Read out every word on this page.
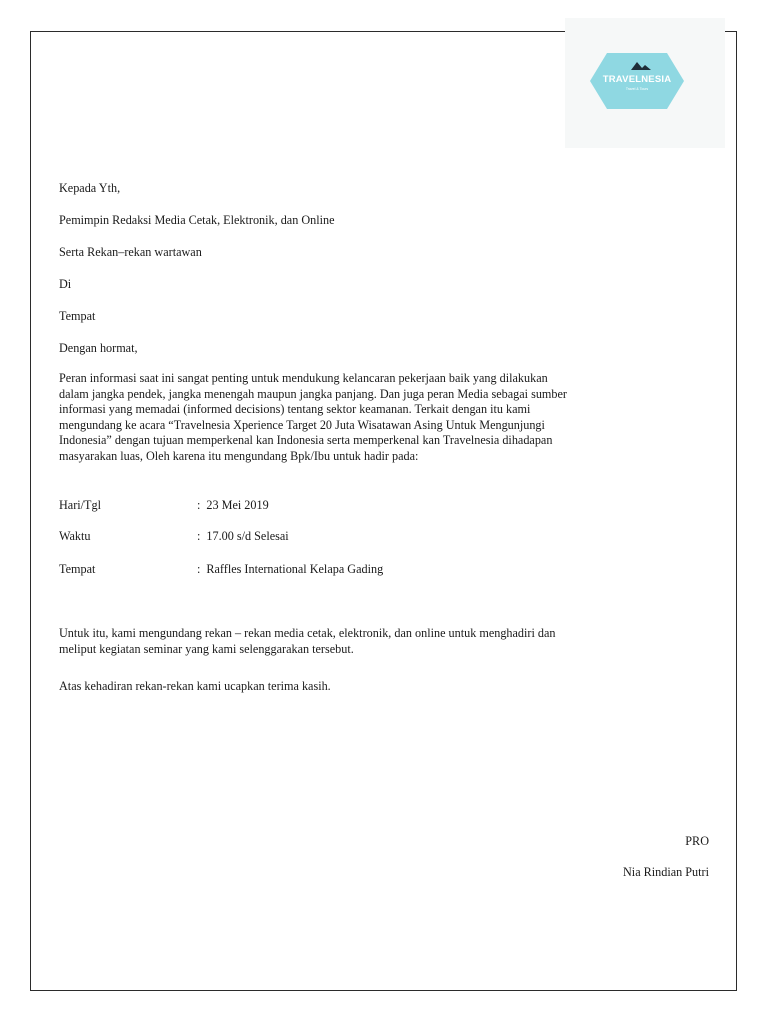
TRAVELNESIA
Travel & Tours
Kepada Yth,
Pemimpin Redaksi Media Cetak, Elektronik, dan Online
Serta Rekan–rekan wartawan
Di
Tempat
Dengan hormat,
Peran informasi saat ini sangat penting untuk mendukung kelancaran pekerjaan baik yang dilakukan
dalam jangka pendek, jangka menengah maupun jangka panjang. Dan juga peran Media sebagai sumber
informasi yang memadai (informed decisions) tentang sektor keamanan. Terkait dengan itu kami
mengundang ke acara “Travelnesia Xperience Target 20 Juta Wisatawan Asing Untuk Mengunjungi
Indonesia” dengan tujuan memperkenal kan Indonesia serta memperkenal kan Travelnesia dihadapan
masyarakan luas, Oleh karena itu mengundang Bpk/Ibu untuk hadir pada:
Hari/Tgl	: 23 Mei 2019
Waktu	: 17.00 s/d Selesai
Tempat	: Raffles International Kelapa Gading
Untuk itu, kami mengundang rekan – rekan media cetak, elektronik, dan online untuk menghadiri dan
meliput kegiatan seminar yang kami selenggarakan tersebut.
Atas kehadiran rekan-rekan kami ucapkan terima kasih.
PRO
Nia Rindian Putri
